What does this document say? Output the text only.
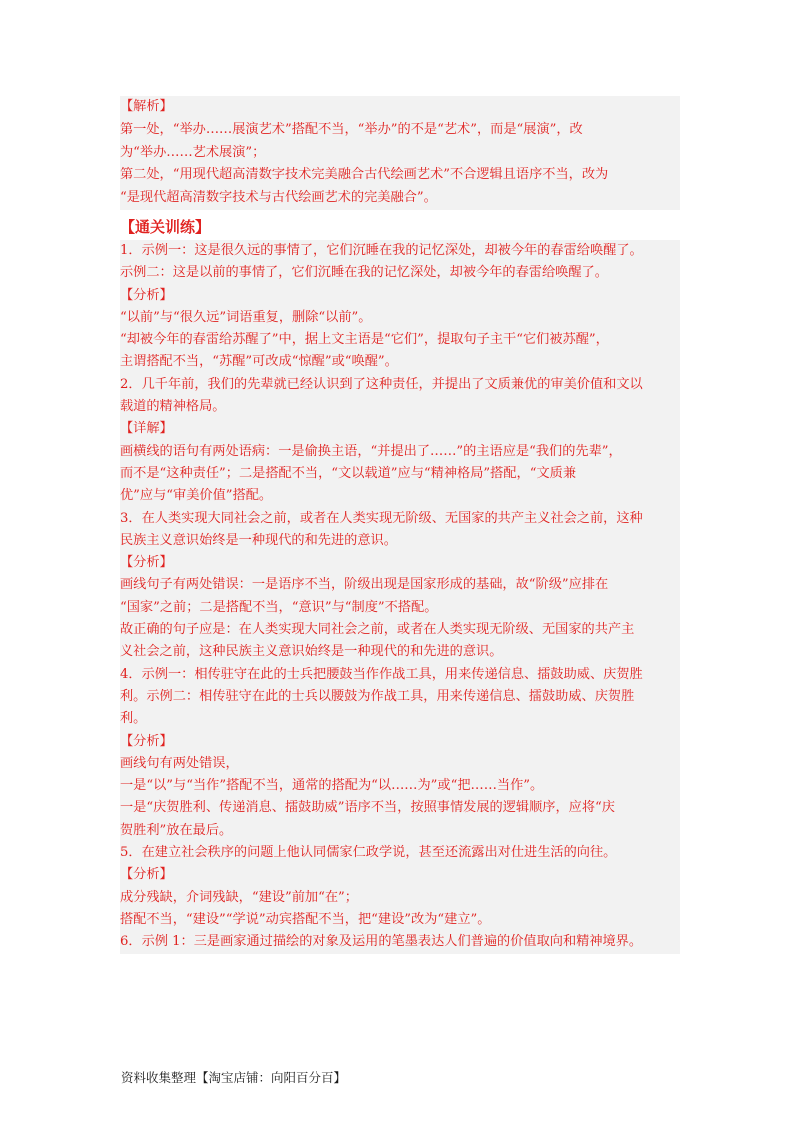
【解析】
第一处，“举办……展演艺术”搭配不当，“举办”的不是“艺术”，而是“展演”，改
为“举办……艺术展演”；
第二处，“用现代超高清数字技术完美融合古代绘画艺术”不合逻辑且语序不当，改为
“是现代超高清数字技术与古代绘画艺术的完美融合”。
【通关训练】
1．示例一：这是很久远的事情了，它们沉睡在我的记忆深处，却被今年的春雷给唤醒了。
示例二：这是以前的事情了，它们沉睡在我的记忆深处，却被今年的春雷给唤醒了。
【分析】
“以前”与“很久远”词语重复，删除“以前”。
“却被今年的春雷给苏醒了”中，据上文主语是“它们”，提取句子主干“它们被苏醒”，
主谓搭配不当，“苏醒”可改成“惊醒”或“唤醒”。
2．几千年前，我们的先辈就已经认识到了这种责任，并提出了文质兼优的审美价值和文以
载道的精神格局。
【详解】
画横线的语句有两处语病：一是偷换主语，“并提出了……”的主语应是“我们的先辈”，
而不是“这种责任”；二是搭配不当，“文以载道”应与“精神格局”搭配，“文质兼
优”应与“审美价值”搭配。
3．在人类实现大同社会之前，或者在人类实现无阶级、无国家的共产主义社会之前，这种
民族主义意识始终是一种现代的和先进的意识。
【分析】
画线句子有两处错误：一是语序不当，阶级出现是国家形成的基础，故“阶级”应排在
“国家”之前；二是搭配不当，“意识”与“制度”不搭配。
故正确的句子应是：在人类实现大同社会之前，或者在人类实现无阶级、无国家的共产主
义社会之前，这种民族主义意识始终是一种现代的和先进的意识。
4．示例一：相传驻守在此的士兵把腰鼓当作作战工具，用来传递信息、擂鼓助威、庆贺胜
利。示例二：相传驻守在此的士兵以腰鼓为作战工具，用来传递信息、擂鼓助威、庆贺胜
利。
【分析】
画线句有两处错误，
一是“以”与“当作”搭配不当，通常的搭配为“以……为”或“把……当作”。
一是“庆贺胜利、传递消息、擂鼓助威”语序不当，按照事情发展的逻辑顺序，应将“庆
贺胜利”放在最后。
5．在建立社会秩序的问题上他认同儒家仁政学说，甚至还流露出对仕进生活的向往。
【分析】
成分残缺，介词残缺，“建设”前加“在”；
搭配不当，“建设”“学说”动宾搭配不当，把“建设”改为“建立”。
6．示例 1：三是画家通过描绘的对象及运用的笔墨表达人们普遍的价值取向和精神境界。
资料收集整理【淘宝店铺：向阳百分百】
